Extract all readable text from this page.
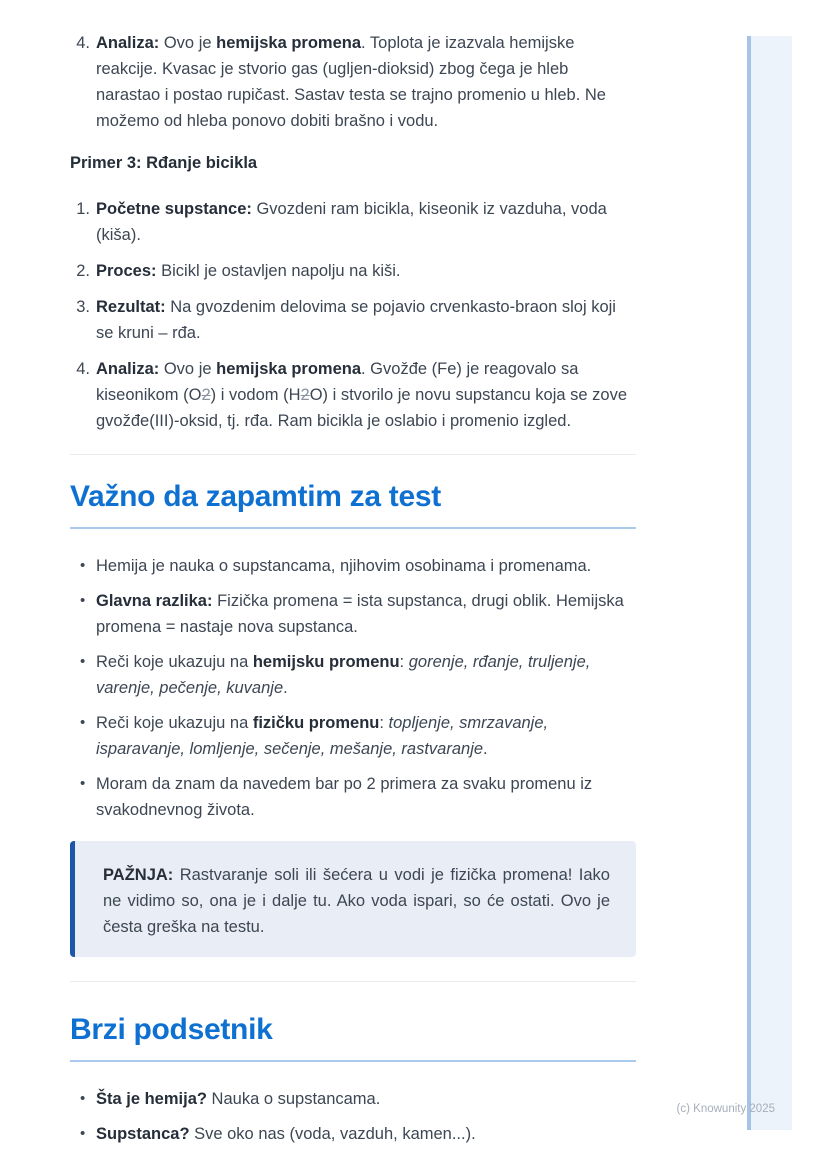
4. Analiza: Ovo je hemijska promena. Toplota je izazvala hemijske reakcije. Kvasac je stvorio gas (ugljen-dioksid) zbog čega je hleb narastao i postao rupičast. Sastav testa se trajno promenio u hleb. Ne možemo od hleba ponovo dobiti brašno i vodu.
Primer 3: Rđanje bicikla
1. Početne supstance: Gvozdeni ram bicikla, kiseonik iz vazduha, voda (kiša).
2. Proces: Bicikl je ostavljen napolju na kiši.
3. Rezultat: Na gvozdenim delovima se pojavio crvenkasto-braon sloj koji se kruni – rđa.
4. Analiza: Ovo je hemijska promena. Gvožđe (Fe) je reagovalo sa kiseonikom (O2) i vodom (H2O) i stvorilo je novu supstancu koja se zove gvožđe(III)-oksid, tj. rđa. Ram bicikla je oslabio i promenio izgled.
Važno da zapamtim za test
• Hemija je nauka o supstancama, njihovim osobinama i promenama.
• Glavna razlika: Fizička promena = ista supstanca, drugi oblik. Hemijska promena = nastaje nova supstanca.
• Reči koje ukazuju na hemijsku promenu: gorenje, rđanje, truljenje, varenje, pečenje, kuvanje.
• Reči koje ukazuju na fizičku promenu: topljenje, smrzavanje, isparavanje, lomljenje, sečenje, mešanje, rastvaranje.
• Moram da znam da navedem bar po 2 primera za svaku promenu iz svakodnevnog života.
PAŽNJA: Rastvaranje soli ili šećera u vodi je fizička promena! Iako ne vidimo so, ona je i dalje tu. Ako voda ispari, so će ostati. Ovo je česta greška na testu.
Brzi podsetnik
• Šta je hemija? Nauka o supstancama.
• Supstanca? Sve oko nas (voda, vazduh, kamen...).
(c) Knowunity 2025
